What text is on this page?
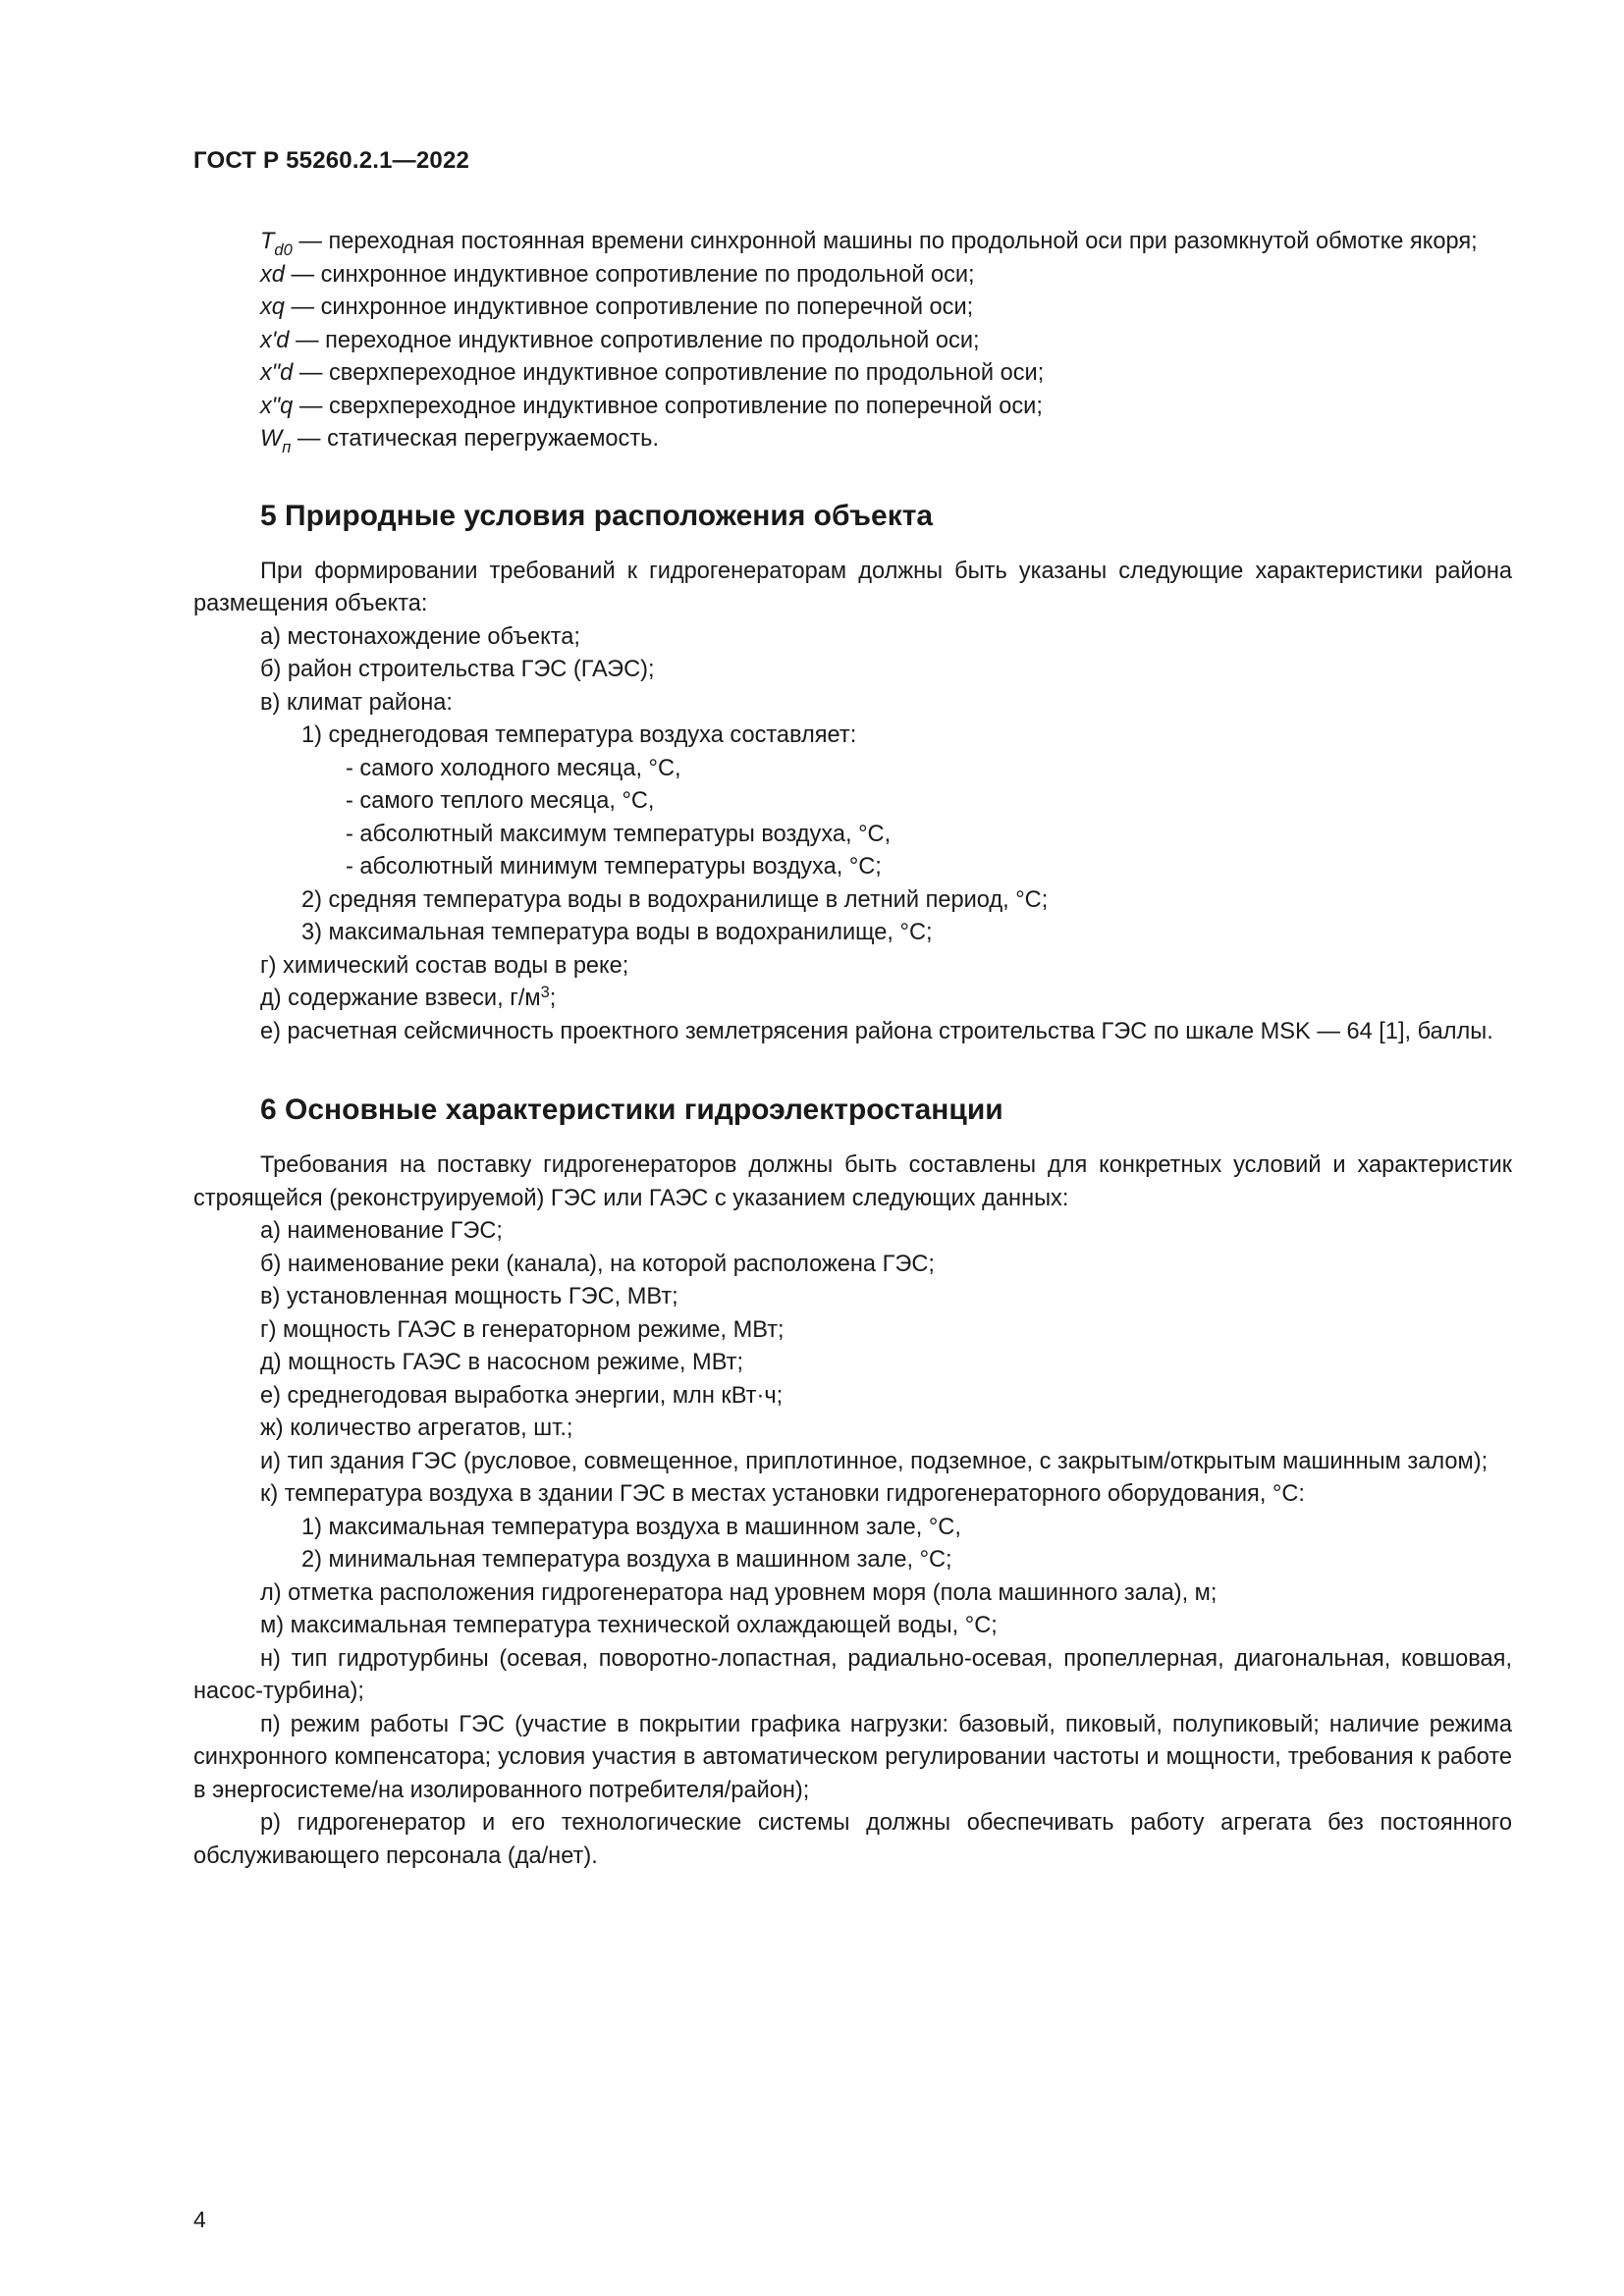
ГОСТ Р 55260.2.1—2022

$T_{d0}$ — переходная постоянная времени синхронной машины по продольной оси при разомкнутой обмотке якоря;

xd — синхронное индуктивное сопротивление по продольной оси;

xq — синхронное индуктивное сопротивление по поперечной оси;

x'd — переходное индуктивное сопротивление по продольной оси;

x"d — сверхпереходное индуктивное сопротивление по продольной оси;

x"q — сверхпереходное индуктивное сопротивление по поперечной оси;

$W_п$ — статическая перегружаемость.

5 Природные условия расположения объекта

При формировании требований к гидрогенераторам должны быть указаны следующие характеристики района размещения объекта:

а) местонахождение объекта;

б) район строительства ГЭС (ГАЭС);

в) климат района:

1) среднегодовая температура воздуха составляет:

- самого холодного месяца, °С,

- самого теплого месяца, °С,

- абсолютный максимум температуры воздуха, °С,

- абсолютный минимум температуры воздуха, °С;

2) средняя температура воды в водохранилище в летний период, °С;

3) максимальная температура воды в водохранилище, °С;

г) химический состав воды в реке;

д) содержание взвеси, $г/м^3$;

е) расчетная сейсмичность проектного землетрясения района строительства ГЭС по шкале MSK — 64 [1], баллы.

6 Основные характеристики гидроэлектростанции

Требования на поставку гидрогенераторов должны быть составлены для конкретных условий и характеристик строящейся (реконструируемой) ГЭС или ГАЭС с указанием следующих данных:

а) наименование ГЭС;

б) наименование реки (канала), на которой расположена ГЭС;

в) установленная мощность ГЭС, МВт;

г) мощность ГАЭС в генераторном режиме, МВт;

д) мощность ГАЭС в насосном режиме, МВт;

е) среднегодовая выработка энергии, млн кВт·ч;

ж) количество агрегатов, шт.;

и) тип здания ГЭС (русловое, совмещенное, приплотинное, подземное, с закрытым/открытым машинным залом);

к) температура воздуха в здании ГЭС в местах установки гидрогенераторного оборудования, °С:

1) максимальная температура воздуха в машинном зале, °С,

2) минимальная температура воздуха в машинном зале, °С;

л) отметка расположения гидрогенератора над уровнем моря (пола машинного зала), м;

м) максимальная температура технической охлаждающей воды, °С;

н) тип гидротурбины (осевая, поворотно-лопастная, радиально-осевая, пропеллерная, диагональная, ковшовая, насос-турбина);

п) режим работы ГЭС (участие в покрытии графика нагрузки: базовый, пиковый, полупиковый; наличие режима синхронного компенсатора; условия участия в автоматическом регулировании частоты и мощности, требования к работе в энергосистеме/на изолированного потребителя/район);

р) гидрогенератор и его технологические системы должны обеспечивать работу агрегата без постоянного обслуживающего персонала (да/нет).

4
